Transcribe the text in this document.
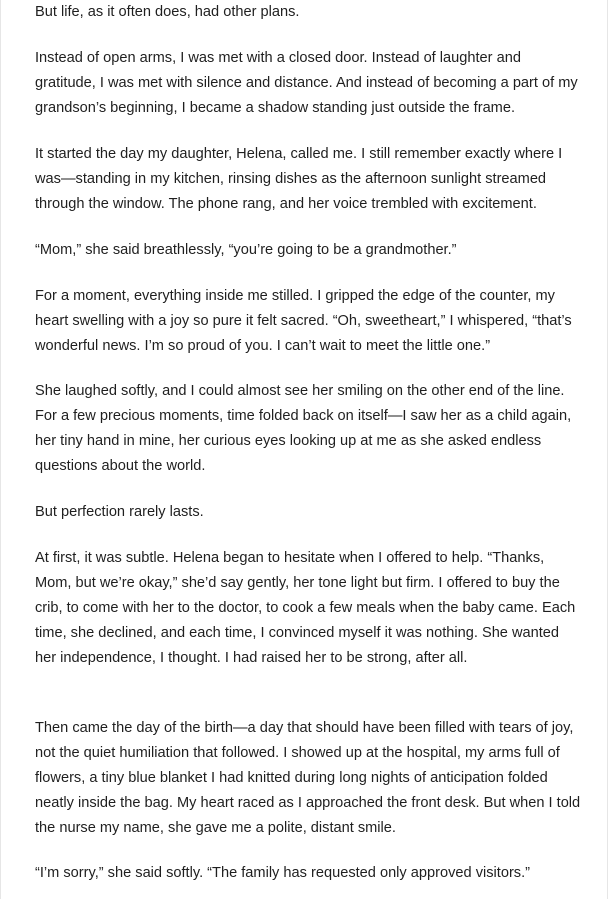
But life, as it often does, had other plans.

Instead of open arms, I was met with a closed door. Instead of laughter and gratitude, I was met with silence and distance. And instead of becoming a part of my grandson’s beginning, I became a shadow standing just outside the frame.

It started the day my daughter, Helena, called me. I still remember exactly where I was—standing in my kitchen, rinsing dishes as the afternoon sunlight streamed through the window. The phone rang, and her voice trembled with excitement.

“Mom,” she said breathlessly, “you’re going to be a grandmother.”

For a moment, everything inside me stilled. I gripped the edge of the counter, my heart swelling with a joy so pure it felt sacred. “Oh, sweetheart,” I whispered, “that’s wonderful news. I’m so proud of you. I can’t wait to meet the little one.”

She laughed softly, and I could almost see her smiling on the other end of the line. For a few precious moments, time folded back on itself—I saw her as a child again, her tiny hand in mine, her curious eyes looking up at me as she asked endless questions about the world.

But perfection rarely lasts.

At first, it was subtle. Helena began to hesitate when I offered to help. “Thanks, Mom, but we’re okay,” she’d say gently, her tone light but firm. I offered to buy the crib, to come with her to the doctor, to cook a few meals when the baby came. Each time, she declined, and each time, I convinced myself it was nothing. She wanted her independence, I thought. I had raised her to be strong, after all.

Then came the day of the birth—a day that should have been filled with tears of joy, not the quiet humiliation that followed. I showed up at the hospital, my arms full of flowers, a tiny blue blanket I had knitted during long nights of anticipation folded neatly inside the bag. My heart raced as I approached the front desk. But when I told the nurse my name, she gave me a polite, distant smile.

“I’m sorry,” she said softly. “The family has requested only approved visitors.”
